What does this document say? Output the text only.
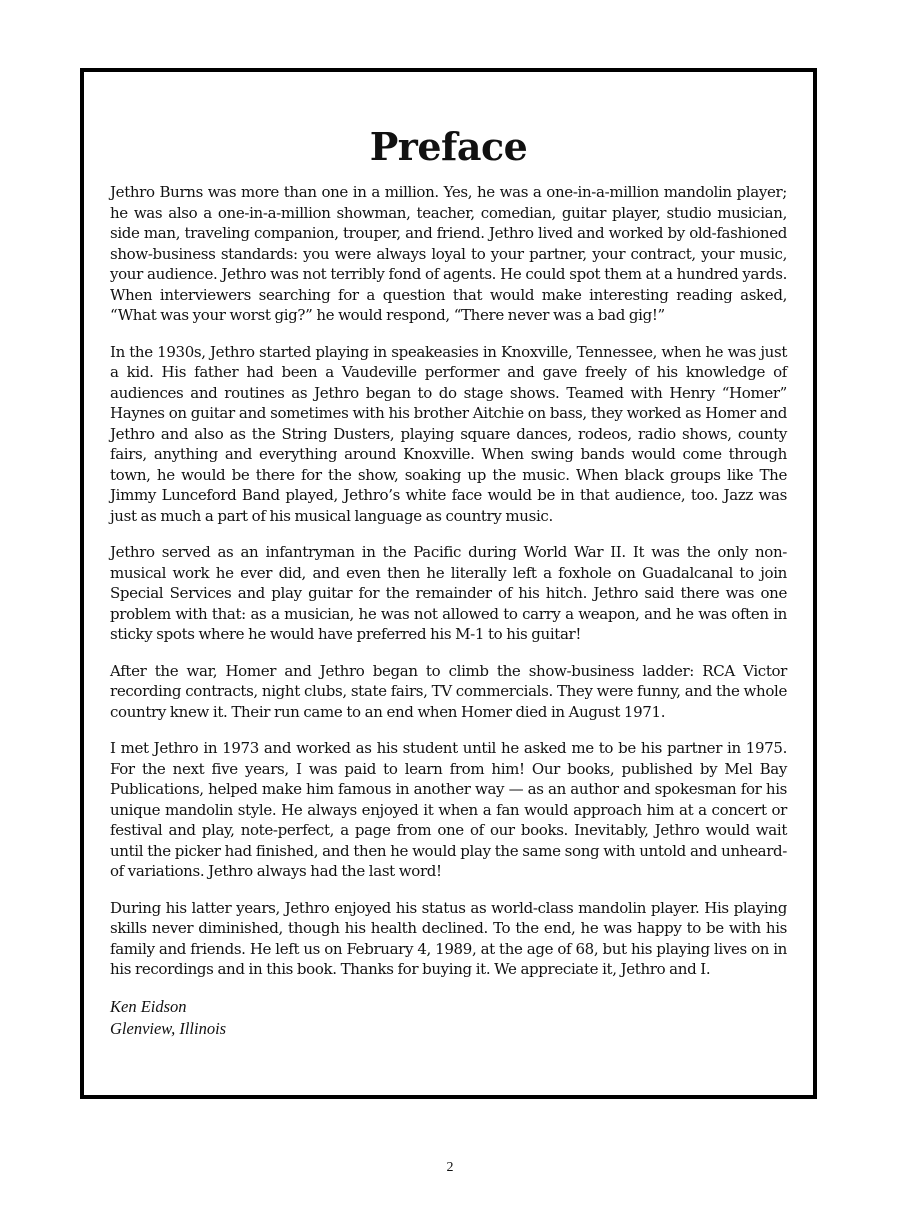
Preface

Jethro Burns was more than one in a million. Yes, he was a one-in-a-million mandolin player; he was also a one-in-a-million showman, teacher, comedian, guitar player, studio musician, side man, traveling companion, trouper, and friend. Jethro lived and worked by old-fashioned show-business standards: you were always loyal to your partner, your contract, your music, your audience. Jethro was not terribly fond of agents. He could spot them at a hundred yards. When interviewers searching for a question that would make interesting reading asked, “What was your worst gig?” he would respond, “There never was a bad gig!”

In the 1930s, Jethro started playing in speakeasies in Knoxville, Tennessee, when he was just a kid. His father had been a Vaudeville performer and gave freely of his knowledge of audiences and routines as Jethro began to do stage shows. Teamed with Henry “Homer” Haynes on guitar and sometimes with his brother Aitchie on bass, they worked as Homer and Jethro and also as the String Dusters, playing square dances, rodeos, radio shows, county fairs, anything and everything around Knoxville. When swing bands would come through town, he would be there for the show, soaking up the music. When black groups like The Jimmy Lunceford Band played, Jethro’s white face would be in that audience, too. Jazz was just as much a part of his musical language as country music.

Jethro served as an infantryman in the Pacific during World War II. It was the only non-musical work he ever did, and even then he literally left a foxhole on Guadalcanal to join Special Services and play guitar for the remainder of his hitch. Jethro said there was one problem with that: as a musician, he was not allowed to carry a weapon, and he was often in sticky spots where he would have preferred his M-1 to his guitar!

After the war, Homer and Jethro began to climb the show-business ladder: RCA Victor recording contracts, night clubs, state fairs, TV commercials. They were funny, and the whole country knew it. Their run came to an end when Homer died in August 1971.

I met Jethro in 1973 and worked as his student until he asked me to be his partner in 1975. For the next five years, I was paid to learn from him! Our books, published by Mel Bay Publications, helped make him famous in another way — as an author and spokesman for his unique mandolin style. He always enjoyed it when a fan would approach him at a concert or festival and play, note-perfect, a page from one of our books. Inevitably, Jethro would wait until the picker had finished, and then he would play the same song with untold and unheard-of variations. Jethro always had the last word!

During his latter years, Jethro enjoyed his status as world-class mandolin player. His playing skills never diminished, though his health declined. To the end, he was happy to be with his family and friends. He left us on February 4, 1989, at the age of 68, but his playing lives on in his recordings and in this book. Thanks for buying it. We appreciate it, Jethro and I.

Ken Eidson

Glenview, Illinois

2
